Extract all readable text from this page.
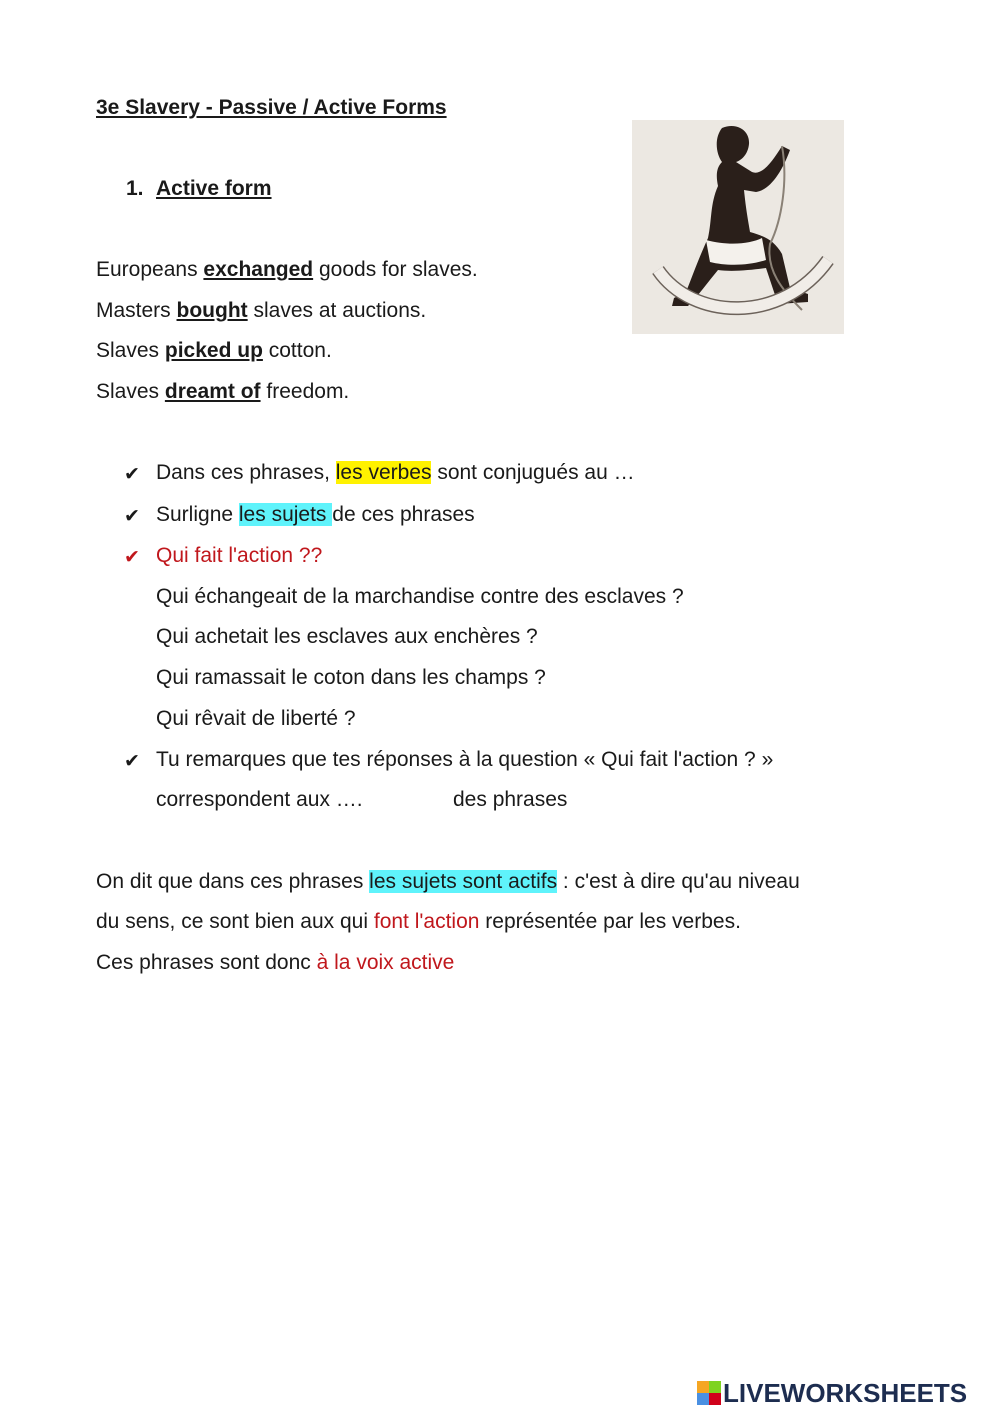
3e Slavery - Passive / Active Forms
1. Active form
Europeans exchanged goods for slaves.
Masters bought slaves at auctions.
Slaves picked up cotton.
Slaves dreamt of freedom.
✔ Dans ces phrases, les verbes sont conjugués au …
✔ Surligne les sujets de ces phrases
✔ Qui fait l'action ??
Qui échangeait de la marchandise contre des esclaves ?
Qui achetait les esclaves aux enchères ?
Qui ramassait le coton dans les champs ?
Qui rêvait de liberté ?
✔ Tu remarques que tes réponses à la question « Qui fait l'action ? »
correspondent aux ….	des phrases
On dit que dans ces phrases les sujets sont actifs : c'est à dire qu'au niveau
du sens, ce sont bien aux qui font l'action représentée par les verbes.
Ces phrases sont donc à la voix active
LIVEWORKSHEETS
